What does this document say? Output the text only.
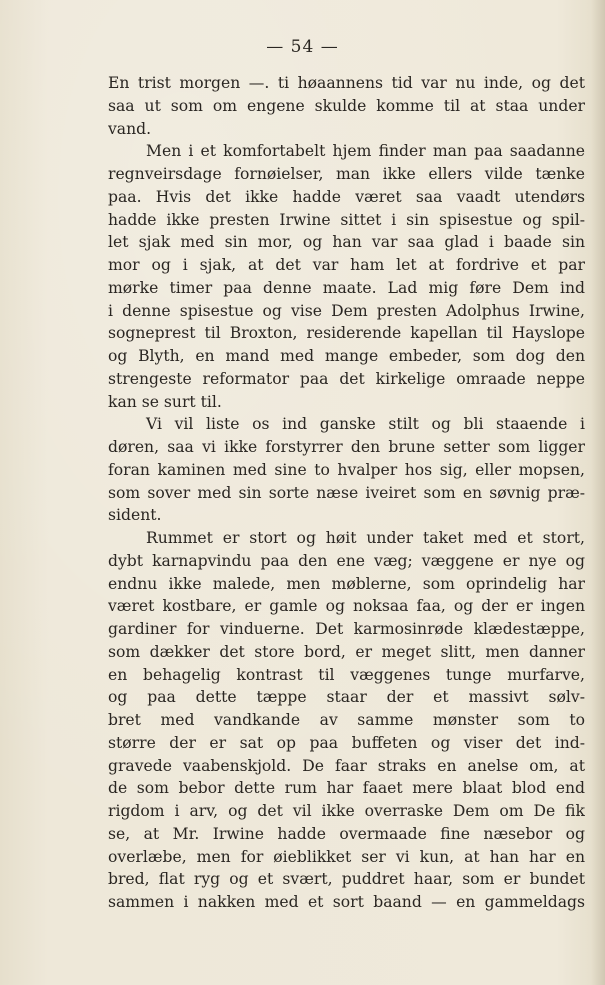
— 54 —
En trist morgen —. ti høaannens tid var nu inde, og det
saa ut som om engene skulde komme til at staa under
vand.
Men i et komfortabelt hjem finder man paa saadanne
regnveirsdage fornøielser, man ikke ellers vilde tænke
paa. Hvis det ikke hadde været saa vaadt utendørs
hadde ikke presten Irwine sittet i sin spisestue og spil-
let sjak med sin mor, og han var saa glad i baade sin
mor og i sjak, at det var ham let at fordrive et par
mørke timer paa denne maate. Lad mig føre Dem ind
i denne spisestue og vise Dem presten Adolphus Irwine,
sogneprest til Broxton, residerende kapellan til Hayslope
og Blyth, en mand med mange embeder, som dog den
strengeste reformator paa det kirkelige omraade neppe
kan se surt til.
Vi vil liste os ind ganske stilt og bli staaende i
døren, saa vi ikke forstyrrer den brune setter som ligger
foran kaminen med sine to hvalper hos sig, eller mopsen,
som sover med sin sorte næse iveiret som en søvnig præ-
sident.
Rummet er stort og høit under taket med et stort,
dybt karnapvindu paa den ene væg; væggene er nye og
endnu ikke malede, men møblerne, som oprindelig har
været kostbare, er gamle og noksaa faa, og der er ingen
gardiner for vinduerne. Det karmosinrøde klædestæppe,
som dækker det store bord, er meget slitt, men danner
en behagelig kontrast til væggenes tunge murfarve,
og paa dette tæppe staar der et massivt sølv-
bret med vandkande av samme mønster som to
større der er sat op paa buffeten og viser det ind-
gravede vaabenskjold. De faar straks en anelse om, at
de som bebor dette rum har faaet mere blaat blod end
rigdom i arv, og det vil ikke overraske Dem om De fik
se, at Mr. Irwine hadde overmaade fine næsebor og
overlæbe, men for øieblikket ser vi kun, at han har en
bred, flat ryg og et svært, puddret haar, som er bundet
sammen i nakken med et sort baand — en gammeldags
